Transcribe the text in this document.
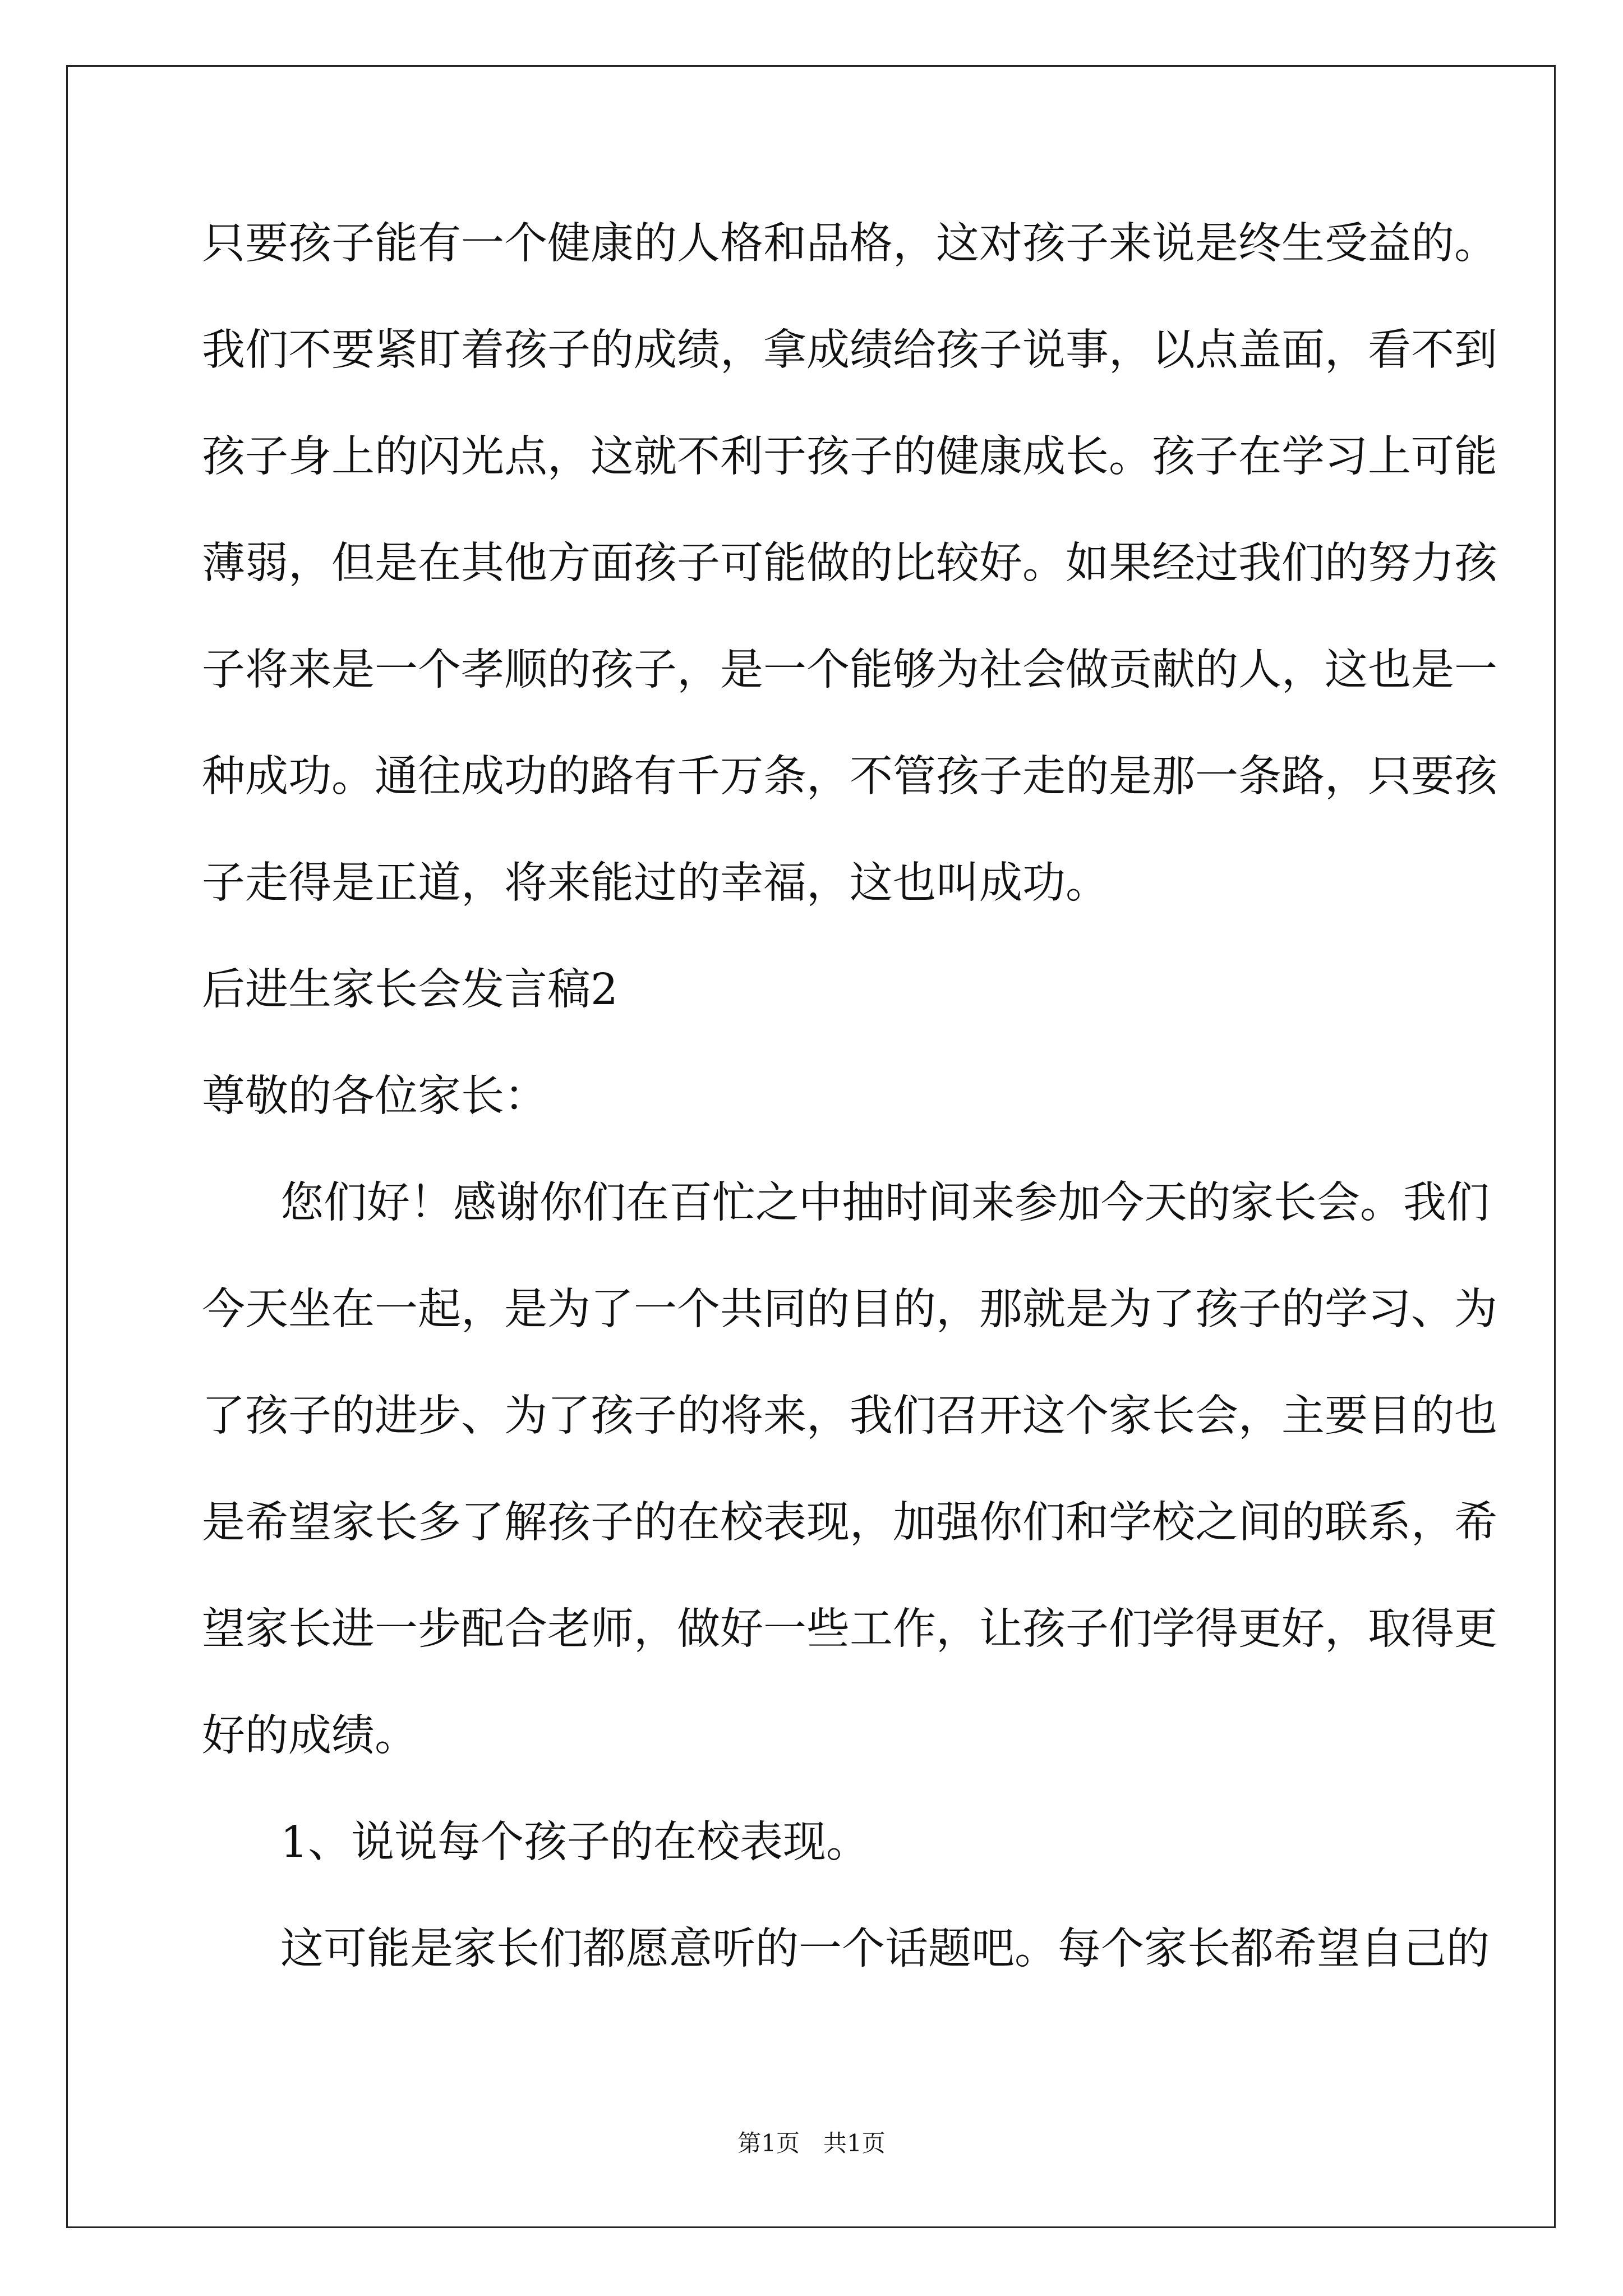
只要孩子能有一个健康的人格和品格，这对孩子来说是终生受益的。
我们不要紧盯着孩子的成绩，拿成绩给孩子说事，以点盖面，看不到
孩子身上的闪光点，这就不利于孩子的健康成长。孩子在学习上可能
薄弱，但是在其他方面孩子可能做的比较好。如果经过我们的努力孩
子将来是一个孝顺的孩子，是一个能够为社会做贡献的人，这也是一
种成功。通往成功的路有千万条，不管孩子走的是那一条路，只要孩
子走得是正道，将来能过的幸福，这也叫成功。
后进生家长会发言稿2
尊敬的各位家长：
您们好！感谢你们在百忙之中抽时间来参加今天的家长会。我们
今天坐在一起，是为了一个共同的目的，那就是为了孩子的学习、为
了孩子的进步、为了孩子的将来，我们召开这个家长会，主要目的也
是希望家长多了解孩子的在校表现，加强你们和学校之间的联系，希
望家长进一步配合老师，做好一些工作，让孩子们学得更好，取得更
好的成绩。
1、说说每个孩子的在校表现。
这可能是家长们都愿意听的一个话题吧。每个家长都希望自己的
第1页　共1页
